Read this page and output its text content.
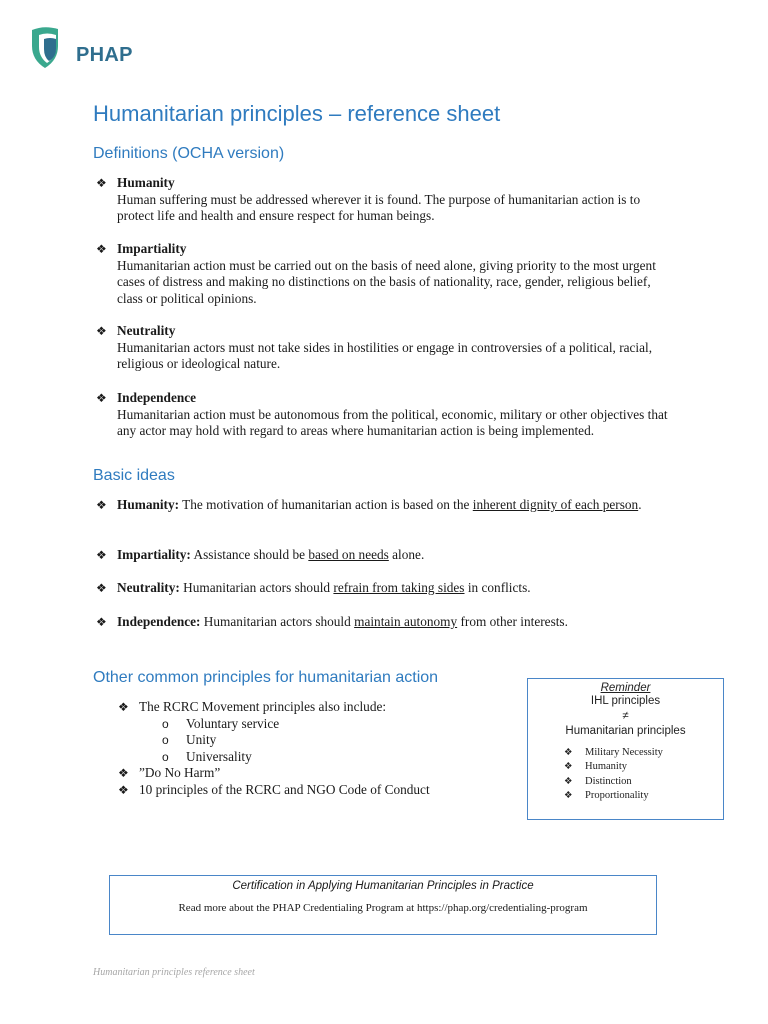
PHAP
Humanitarian principles – reference sheet
Definitions (OCHA version)
❖ Humanity
Human suffering must be addressed wherever it is found. The purpose of humanitarian action is to protect life and health and ensure respect for human beings.
❖ Impartiality
Humanitarian action must be carried out on the basis of need alone, giving priority to the most urgent cases of distress and making no distinctions on the basis of nationality, race, gender, religious belief, class or political opinions.
❖ Neutrality
Humanitarian actors must not take sides in hostilities or engage in controversies of a political, racial, religious or ideological nature.
❖ Independence
Humanitarian action must be autonomous from the political, economic, military or other objectives that any actor may hold with regard to areas where humanitarian action is being implemented.
Basic ideas
❖ Humanity: The motivation of humanitarian action is based on the inherent dignity of each person.
❖ Impartiality: Assistance should be based on needs alone.
❖ Neutrality: Humanitarian actors should refrain from taking sides in conflicts.
❖ Independence: Humanitarian actors should maintain autonomy from other interests.
Other common principles for humanitarian action
❖ The RCRC Movement principles also include:
o Voluntary service
o Unity
o Universality
❖ ”Do No Harm”
❖ 10 principles of the RCRC and NGO Code of Conduct
Reminder
IHL principles
≠
Humanitarian principles
❖ Military Necessity
❖ Humanity
❖ Distinction
❖ Proportionality
Certification in Applying Humanitarian Principles in Practice
Read more about the PHAP Credentialing Program at https://phap.org/credentialing-program
Humanitarian principles reference sheet
